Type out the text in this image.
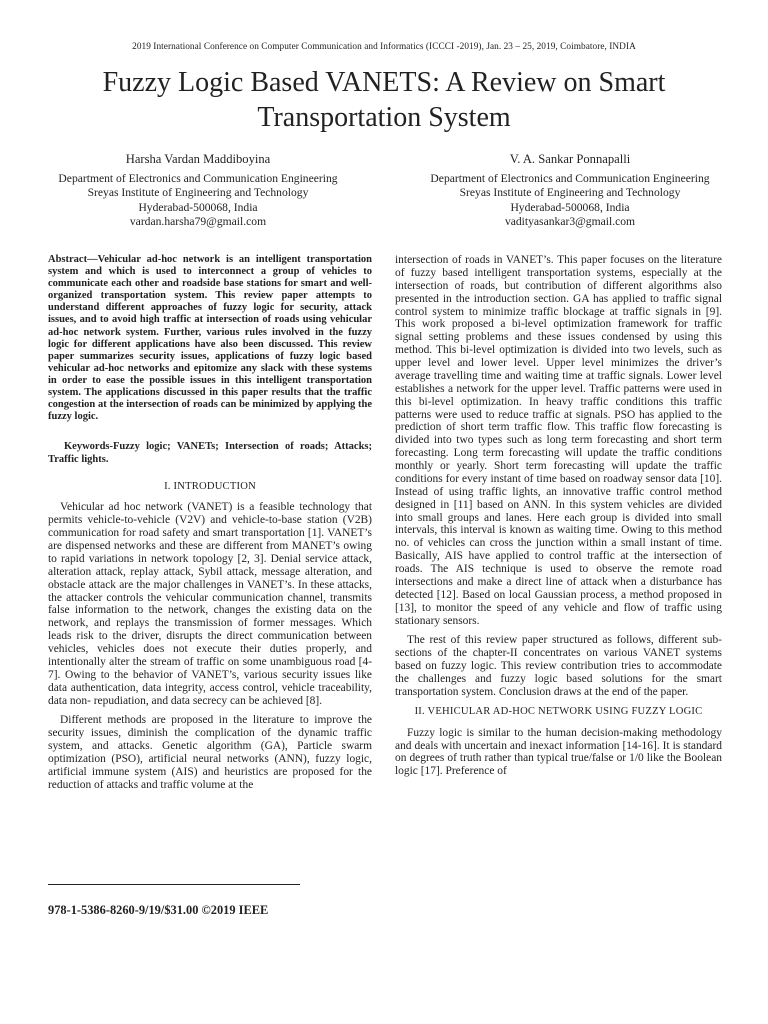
2019 International Conference on Computer Communication and Informatics (ICCCI -2019), Jan. 23 – 25, 2019, Coimbatore, INDIA
Fuzzy Logic Based VANETS: A Review on Smart Transportation System
Harsha Vardan Maddiboyina
Department of Electronics and Communication Engineering
Sreyas Institute of Engineering and Technology
Hyderabad-500068, India
vardan.harsha79@gmail.com
V. A. Sankar Ponnapalli
Department of Electronics and Communication Engineering
Sreyas Institute of Engineering and Technology
Hyderabad-500068, India
vadityasankar3@gmail.com

Abstract—Vehicular ad-hoc network is an intelligent transportation system and which is used to interconnect a group of vehicles to communicate each other and roadside base stations for smart and well-organized transportation system. This review paper attempts to understand different approaches of fuzzy logic for security, attack issues, and to avoid high traffic at intersection of roads using vehicular ad-hoc network system. Further, various rules involved in the fuzzy logic for different applications have also been discussed. This review paper summarizes security issues, applications of fuzzy logic based vehicular ad-hoc networks and epitomize any slack with these systems in order to ease the possible issues in this intelligent transportation system. The applications discussed in this paper results that the traffic congestion at the intersection of roads can be minimized by applying the fuzzy logic.

Keywords-Fuzzy logic; VANETs; Intersection of roads; Attacks; Traffic lights.

I. INTRODUCTION

Vehicular ad hoc network (VANET) is a feasible technology that permits vehicle-to-vehicle (V2V) and vehicle-to-base station (V2B) communication for road safety and smart transportation [1]. VANET’s are dispensed networks and these are different from MANET’s owing to rapid variations in network topology [2, 3]. Denial service attack, alteration attack, replay attack, Sybil attack, message alteration, and obstacle attack are the major challenges in VANET’s. In these attacks, the attacker controls the vehicular communication channel, transmits false information to the network, changes the existing data on the network, and replays the transmission of former messages. Which leads risk to the driver, disrupts the direct communication between vehicles, vehicles does not execute their duties properly, and intentionally alter the stream of traffic on some unambiguous road [4-7]. Owing to the behavior of VANET’s, various security issues like data authentication, data integrity, access control, vehicle traceability, data non- repudiation, and data secrecy can be achieved [8].

Different methods are proposed in the literature to improve the security issues, diminish the complication of the dynamic traffic system, and attacks. Genetic algorithm (GA), Particle swarm optimization (PSO), artificial neural networks (ANN), fuzzy logic, artificial immune system (AIS) and heuristics are proposed for the reduction of attacks and traffic volume at the

intersection of roads in VANET’s. This paper focuses on the literature of fuzzy based intelligent transportation systems, especially at the intersection of roads, but contribution of different algorithms also presented in the introduction section. GA has applied to traffic signal control system to minimize traffic blockage at traffic signals in [9]. This work proposed a bi-level optimization framework for traffic signal setting problems and these issues condensed by using this method. This bi-level optimization is divided into two levels, such as upper level and lower level. Upper level minimizes the driver’s average travelling time and waiting time at traffic signals. Lower level establishes a network for the upper level. Traffic patterns were used in this bi-level optimization. In heavy traffic conditions this traffic patterns were used to reduce traffic at signals. PSO has applied to the prediction of short term traffic flow. This traffic flow forecasting is divided into two types such as long term forecasting and short term forecasting. Long term forecasting will update the traffic conditions monthly or yearly. Short term forecasting will update the traffic conditions for every instant of time based on roadway sensor data [10]. Instead of using traffic lights, an innovative traffic control method designed in [11] based on ANN. In this system vehicles are divided into small groups and lanes. Here each group is divided into small intervals, this interval is known as waiting time. Owing to this method no. of vehicles can cross the junction within a small instant of time. Basically, AIS have applied to control traffic at the intersection of roads. The AIS technique is used to observe the remote road intersections and make a direct line of attack when a disturbance has detected [12]. Based on local Gaussian process, a method proposed in [13], to monitor the speed of any vehicle and flow of traffic using stationary sensors.

The rest of this review paper structured as follows, different sub-sections of the chapter-II concentrates on various VANET systems based on fuzzy logic. This review contribution tries to accommodate the challenges and fuzzy logic based solutions for the smart transportation system. Conclusion draws at the end of the paper.

II. VEHICULAR AD-HOC NETWORK USING FUZZY LOGIC

Fuzzy logic is similar to the human decision-making methodology and deals with uncertain and inexact information [14-16]. It is standard on degrees of truth rather than typical true/false or 1/0 like the Boolean logic [17]. Preference of

978-1-5386-8260-9/19/$31.00 ©2019 IEEE
